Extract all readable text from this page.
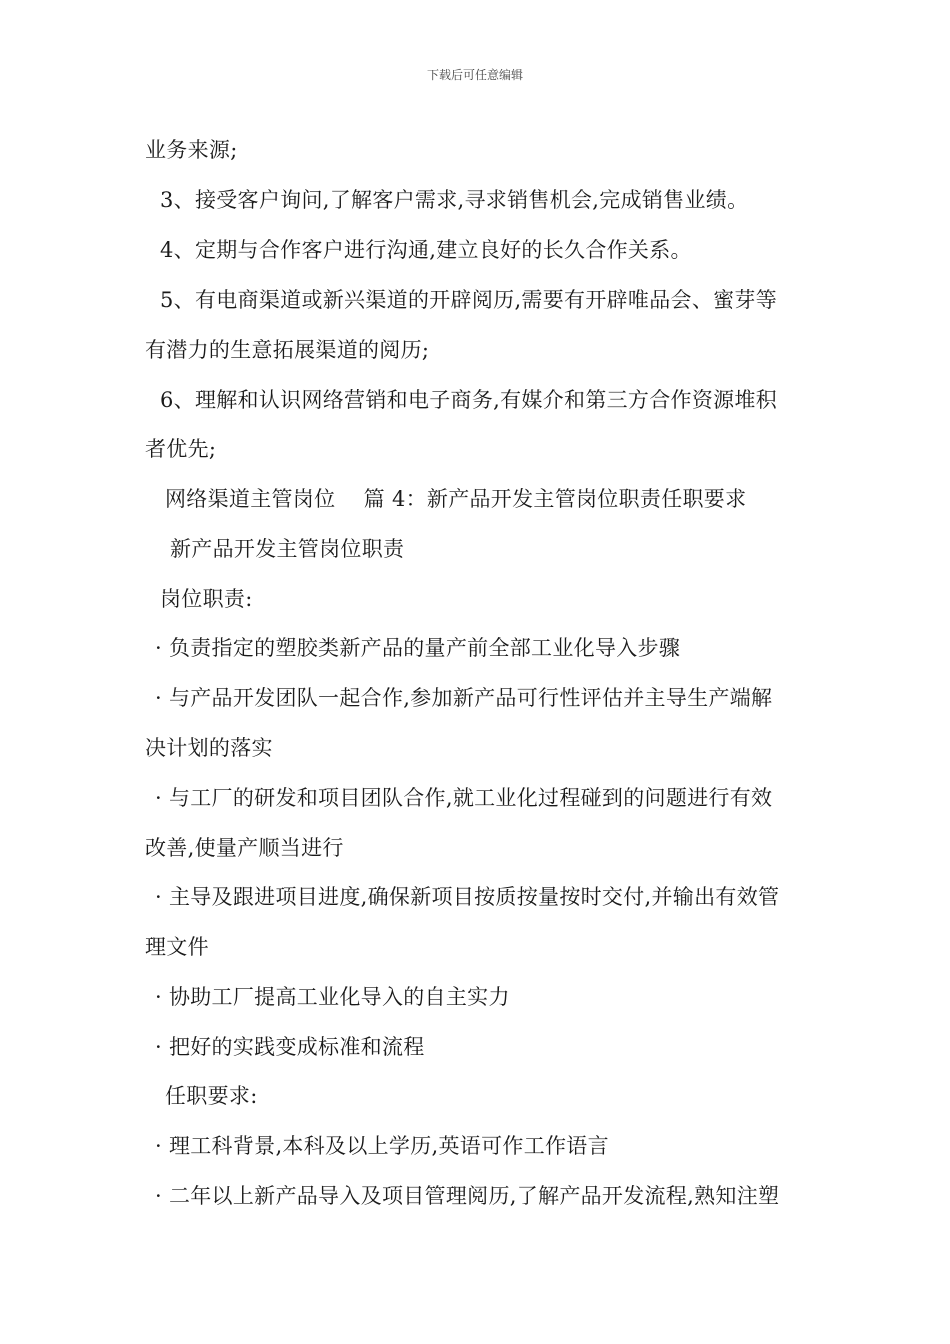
下载后可任意编辑
业务来源;
3、接受客户询问,了解客户需求,寻求销售机会,完成销售业绩。
4、定期与合作客户进行沟通,建立良好的长久合作关系。
5、有电商渠道或新兴渠道的开辟阅历,需要有开辟唯品会、蜜芽等
有潜力的生意拓展渠道的阅历;
6、理解和认识网络营销和电子商务,有媒介和第三方合作资源堆积
者优先;
网络渠道主管岗位　 篇 4：新产品开发主管岗位职责任职要求
新产品开发主管岗位职责
岗位职责:
· 负责指定的塑胶类新产品的量产前全部工业化导入步骤
· 与产品开发团队一起合作,参加新产品可行性评估并主导生产端解
决计划的落实
· 与工厂的研发和项目团队合作,就工业化过程碰到的问题进行有效
改善,使量产顺当进行
· 主导及跟进项目进度,确保新项目按质按量按时交付,并输出有效管
理文件
· 协助工厂提高工业化导入的自主实力
· 把好的实践变成标准和流程
任职要求:
· 理工科背景,本科及以上学历,英语可作工作语言
· 二年以上新产品导入及项目管理阅历,了解产品开发流程,熟知注塑
